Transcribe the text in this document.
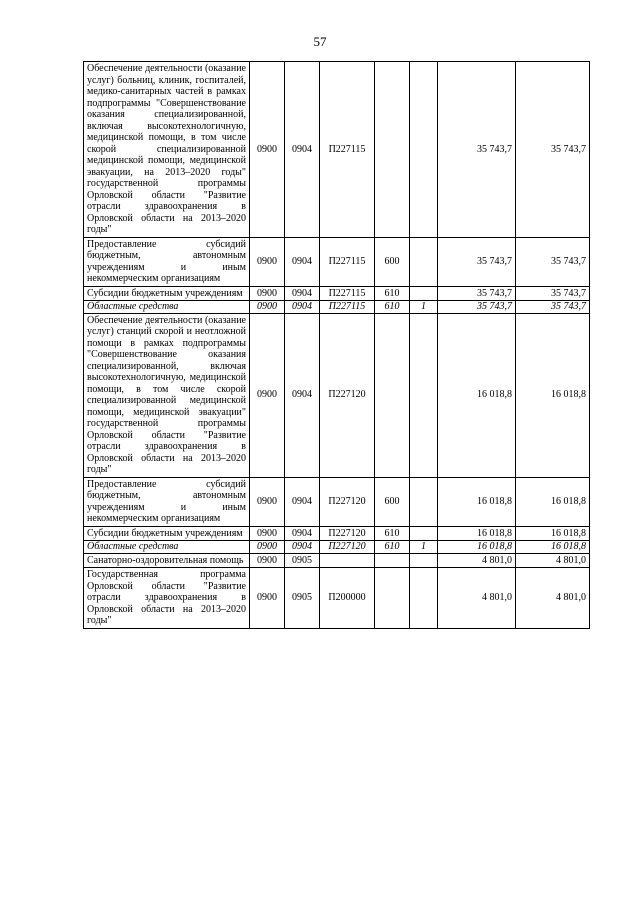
57
Обеспечение деятельности (оказание услуг) больниц, клиник, госпиталей, медико-санитарных частей в рамках подпрограммы "Совершенствование оказания специализированной, включая высокотехнологичную, медицинской помощи, в том числе скорой специализированной медицинской помощи, медицинской эвакуации, на 2013–2020 годы" государственной программы Орловской области "Развитие отрасли здравоохранения в Орловской области на 2013–2020 годы"	0900	0904	П227115			35 743,7	35 743,7
Предоставление субсидий бюджетным, автономным учреждениям и иным некоммерческим организациям	0900	0904	П227115	600		35 743,7	35 743,7
Субсидии бюджетным учреждениям	0900	0904	П227115	610		35 743,7	35 743,7
Областные средства	0900	0904	П227115	610	1	35 743,7	35 743,7
Обеспечение деятельности (оказание услуг) станций скорой и неотложной помощи в рамках подпрограммы "Совершенствование оказания специализированной, включая высокотехнологичную, медицинской помощи, в том числе скорой специализированной медицинской помощи, медицинской эвакуации" государственной программы Орловской области "Развитие отрасли здравоохранения в Орловской области на 2013–2020 годы"	0900	0904	П227120			16 018,8	16 018,8
Предоставление субсидий бюджетным, автономным учреждениям и иным некоммерческим организациям	0900	0904	П227120	600		16 018,8	16 018,8
Субсидии бюджетным учреждениям	0900	0904	П227120	610		16 018,8	16 018,8
Областные средства	0900	0904	П227120	610	1	16 018,8	16 018,8
Санаторно-оздоровительная помощь	0900	0905				4 801,0	4 801,0
Государственная программа Орловской области "Развитие отрасли здравоохранения в Орловской области на 2013–2020 годы"	0900	0905	П200000			4 801,0	4 801,0
